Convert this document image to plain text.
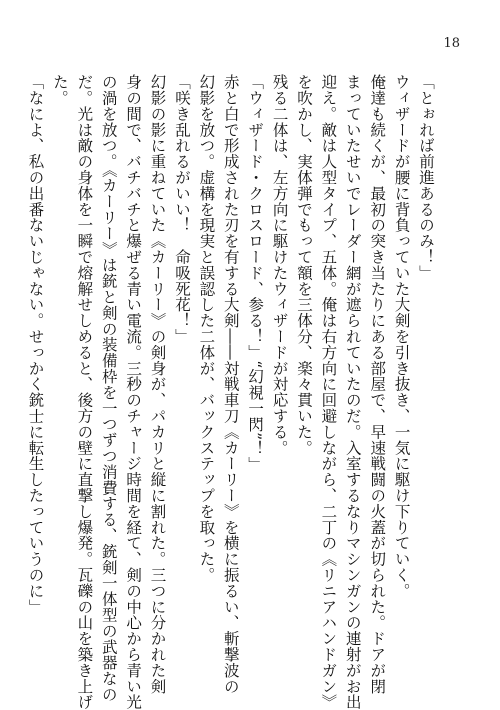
18
「とぉれば前進あるのみ！」
ウィザードが腰に背負っていた大剣を引き抜き、一気に駆け下りていく。
俺達も続くが、最初の突き当たりにある部屋で、早速戦闘の火蓋が切られた。ドアが閉
まっていたせいでレーダー網が遮られていたのだ。入室するなりマシンガンの連射がお出
迎え。敵は人型タイプ、五体。俺は右方向に回避しながら、二丁の《リニアハンドガン》
を吹かし、実体弾でもって額を三体分、楽々貫いた。
残る二体は、左方向に駆けたウィザードが対応する。
「ウィザード・クロスロード、参る！」“幻視一閃”！」
赤と白で形成された刃を有する大剣――対戦車刀《カーリー》を横に振るい、斬撃波の
幻影を放つ。虚構を現実と誤認した二体が、バックステップを取った。
「咲き乱れるがいい！　命吸死花！」
幻影の影に重ねていた《カーリー》の剣身が、パカリと縦に割れた。三つに分かれた剣
身の間で、バチバチと爆ぜる青い電流。三秒のチャージ時間を経て、剣の中心から青い光
の渦を放つ。《カーリー》は銃と剣の装備枠を一つずつ消費する、銃剣一体型の武器なの
だ。光は敵の身体を一瞬で熔解せしめると、後方の壁に直撃し爆発。瓦礫の山を築き上げ
た。
「なによ、私の出番ないじゃない。せっかく銃士に転生したっていうのに」
